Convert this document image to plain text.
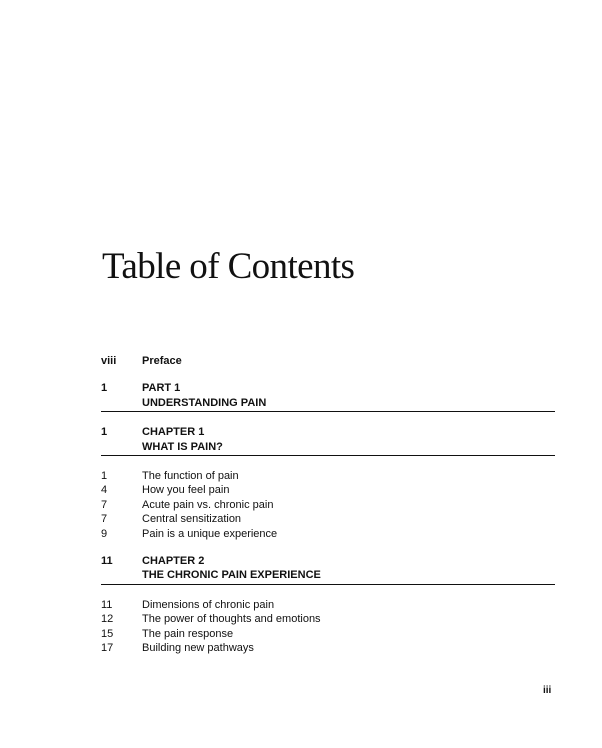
Table of Contents
viii	Preface
1	PART 1
UNDERSTANDING PAIN
1	CHAPTER 1
WHAT IS PAIN?
1	The function of pain
4	How you feel pain
7	Acute pain vs. chronic pain
7	Central sensitization
9	Pain is a unique experience
11	CHAPTER 2
THE CHRONIC PAIN EXPERIENCE
11	Dimensions of chronic pain
12	The power of thoughts and emotions
15	The pain response
17	Building new pathways
iii
